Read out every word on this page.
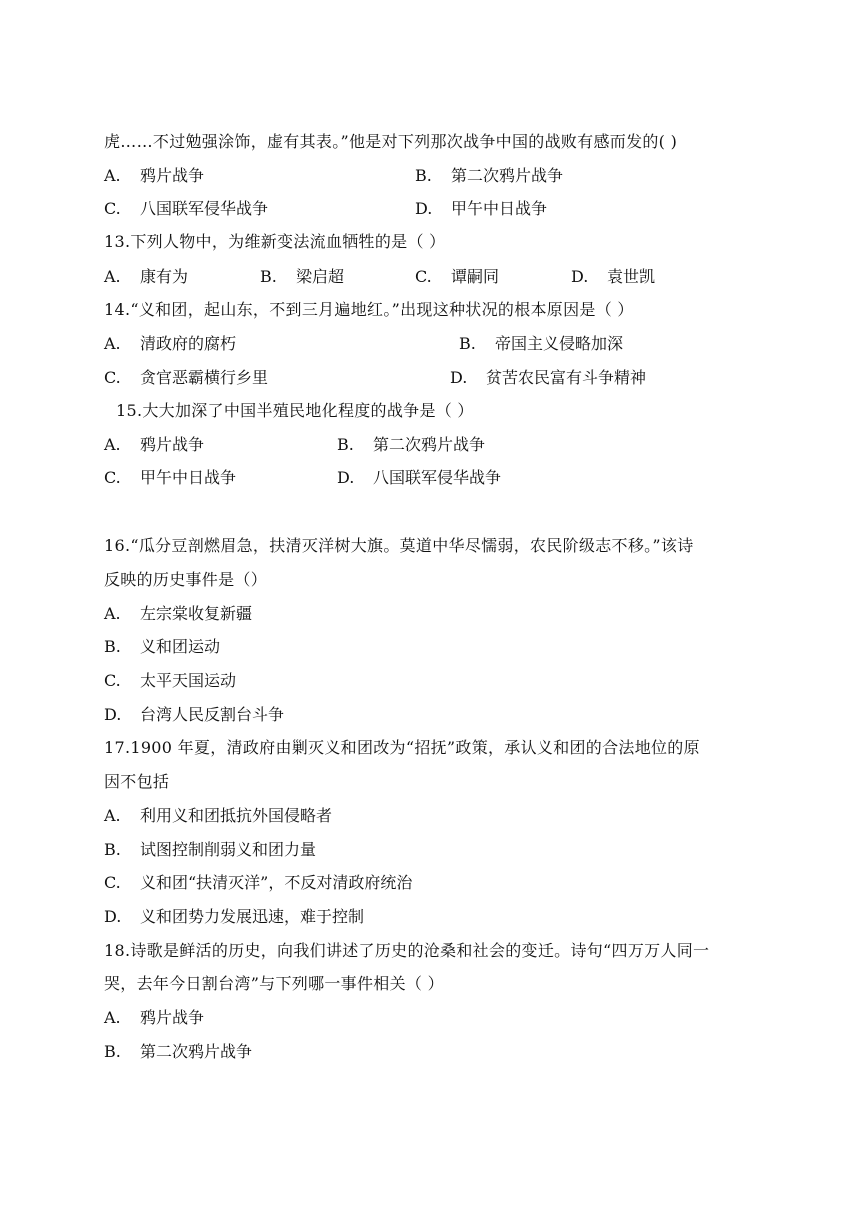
虎……不过勉强涂饰，虚有其表。”他是对下列那次战争中国的战败有感而发的( )
A. 鸦片战争	B. 第二次鸦片战争
C. 八国联军侵华战争	D. 甲午中日战争
13.下列人物中，为维新变法流血牺牲的是（ ）
A. 康有为	B. 梁启超	C. 谭嗣同	D. 袁世凯
14.“义和团，起山东，不到三月遍地红。”出现这种状况的根本原因是（ ）
A. 清政府的腐朽	B. 帝国主义侵略加深
C. 贪官恶霸横行乡里	D. 贫苦农民富有斗争精神
15.大大加深了中国半殖民地化程度的战争是（ ）
A. 鸦片战争	B. 第二次鸦片战争
C. 甲午中日战争	D. 八国联军侵华战争
16.“瓜分豆剖燃眉急，扶清灭洋树大旗。莫道中华尽懦弱，农民阶级志不移。”该诗
反映的历史事件是（）
A. 左宗棠收复新疆
B. 义和团运动
C. 太平天国运动
D. 台湾人民反割台斗争
17.1900 年夏，清政府由剿灭义和团改为“招抚”政策，承认义和团的合法地位的原
因不包括
A. 利用义和团抵抗外国侵略者
B. 试图控制削弱义和团力量
C. 义和团“扶清灭洋”，不反对清政府统治
D. 义和团势力发展迅速，难于控制
18.诗歌是鲜活的历史，向我们讲述了历史的沧桑和社会的变迁。诗句“四万万人同一
哭，去年今日割台湾”与下列哪一事件相关（ ）
A. 鸦片战争
B. 第二次鸦片战争
